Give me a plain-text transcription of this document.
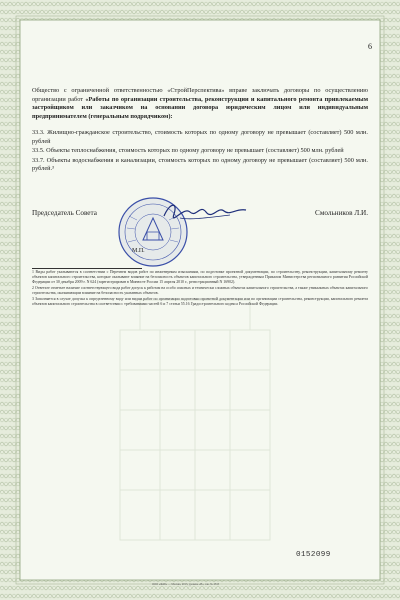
6

Общество с ограниченной ответственностью «СтройПерспектива» вправе заключать договоры по осуществлению организации работ «Работы по организации строительства, реконструкции и капитального ремонта привлекаемым застройщиком или заказчиком на основании договора юридическим лицом или индивидуальным предпринимателем (генеральным подрядчиком):

33.3. Жилищно-гражданское строительство, стоимость которых по одному договору не превышает (составляет) 500 млн. рублей

33.5. Объекты теплоснабжения, стоимость которых по одному договору не превышает (составляет) 500 млн. рублей

33.7. Объекты водоснабжения и канализации, стоимость которых по одному договору не превышает (составляет) 500 млн. рублей.³

Председатель Совета
М.П.
Смольников Л.И.

1 Виды работ указываются в соответствии с Перечнем видов работ по инженерным изысканиям, по подготовке проектной документации, по строительству, реконструкции, капитальному ремонту объектов капитального строительства, которые оказывают влияние на безопасность объектов капитального строительства, утвержденным Приказом Министерства регионального развития Российской Федерации от 30 декабря 2009 г. N 624 (зарегистрирован в Минюсте России 15 апреля 2010 г., регистрационный N 16902).

2 Ответьте отметьте наличие соответствующего вида работ допуск к работам на особо опасных и технически сложных объектах капитального строительства, а также уникальных объектах капитального строительства, оказывающим влияние на безопасность указанных объектов.

3 Заполняется в случае допуска к определенному виду или видам работ по организации подготовки проектной документации или по организации строительства, реконструкции, капитального ремонта объектов капитального строительства в соответствии с требованиями частей 6 и 7 статьи 55.16 Градостроительного кодекса Российской Федерации.

0152099
ООО «ФАБ» — Москва, 2013, уровень «В», зак. № 4813
